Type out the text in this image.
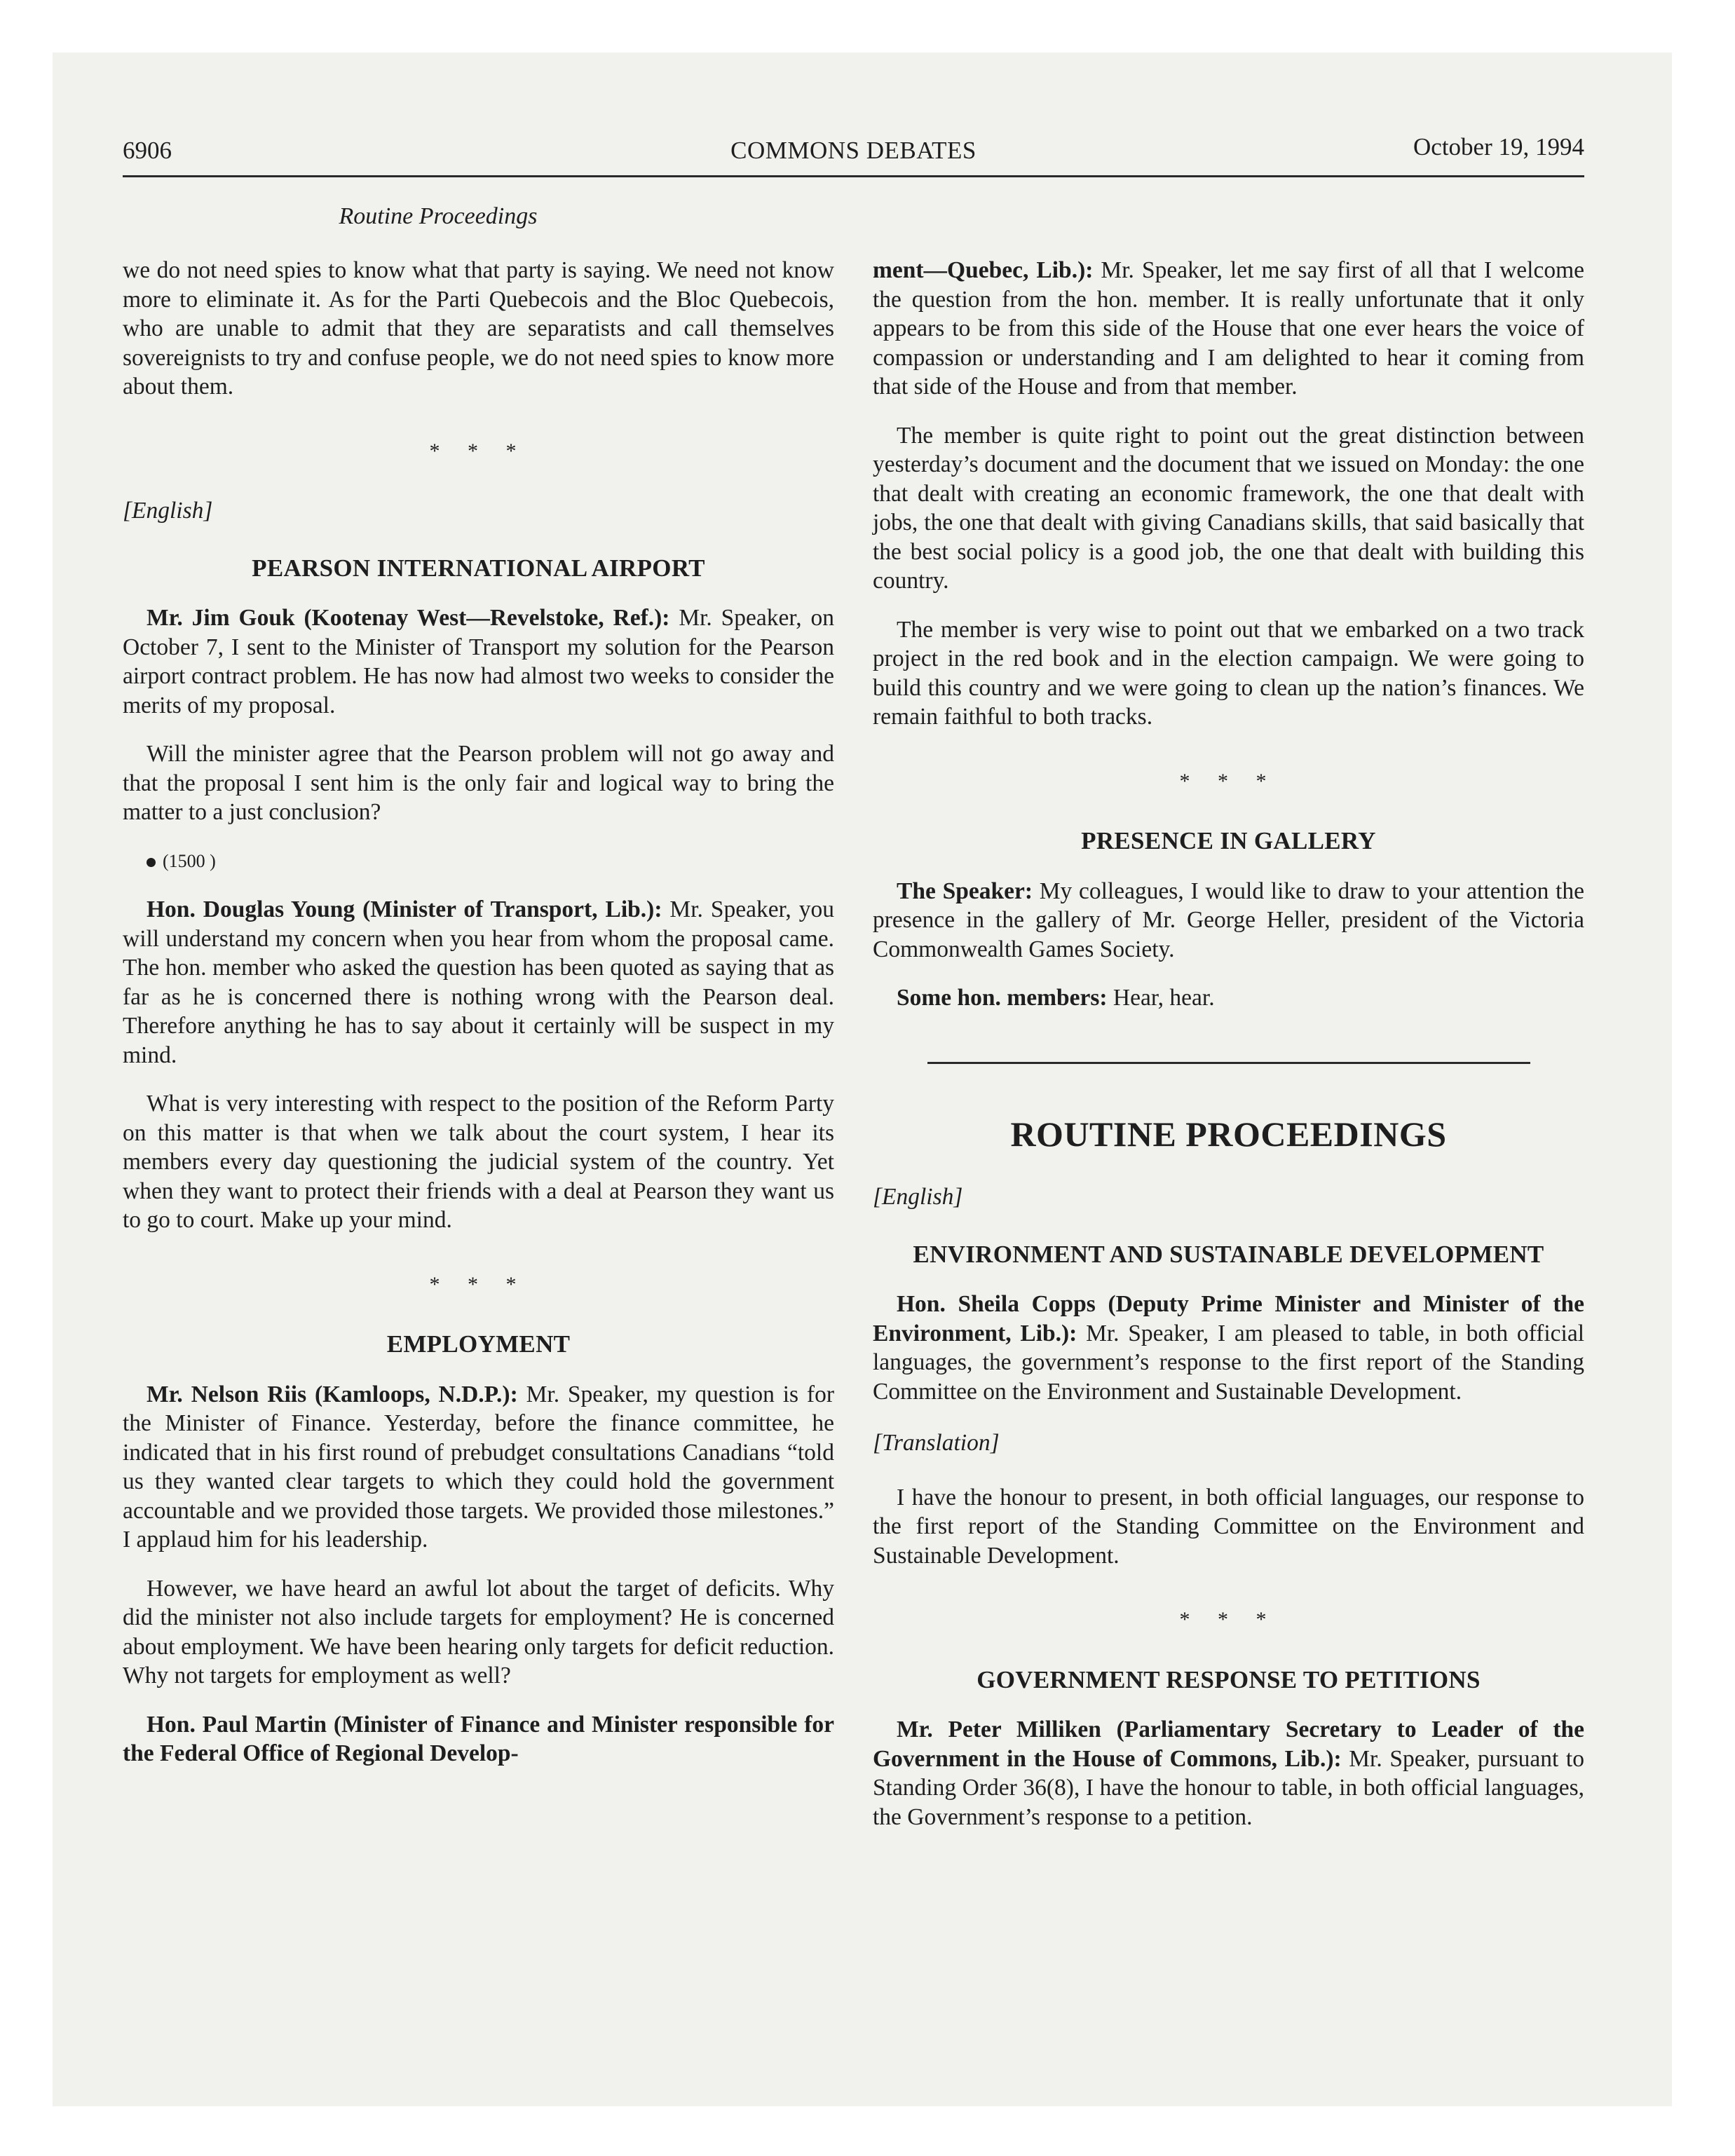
6906	COMMONS DEBATES	October 19, 1994
Routine Proceedings

we do not need spies to know what that party is saying. We need not know more to eliminate it. As for the Parti Quebecois and the Bloc Quebecois, who are unable to admit that they are separatists and call themselves sovereignists to try and confuse people, we do not need spies to know more about them.

* * *

[English]

PEARSON INTERNATIONAL AIRPORT

Mr. Jim Gouk (Kootenay West—Revelstoke, Ref.): Mr. Speaker, on October 7, I sent to the Minister of Transport my solution for the Pearson airport contract problem. He has now had almost two weeks to consider the merits of my proposal.

Will the minister agree that the Pearson problem will not go away and that the proposal I sent him is the only fair and logical way to bring the matter to a just conclusion?

(1500 )

Hon. Douglas Young (Minister of Transport, Lib.): Mr. Speaker, you will understand my concern when you hear from whom the proposal came. The hon. member who asked the question has been quoted as saying that as far as he is concerned there is nothing wrong with the Pearson deal. Therefore anything he has to say about it certainly will be suspect in my mind.

What is very interesting with respect to the position of the Reform Party on this matter is that when we talk about the court system, I hear its members every day questioning the judicial system of the country. Yet when they want to protect their friends with a deal at Pearson they want us to go to court. Make up your mind.

* * *
EMPLOYMENT

Mr. Nelson Riis (Kamloops, N.D.P.): Mr. Speaker, my question is for the Minister of Finance. Yesterday, before the finance committee, he indicated that in his first round of prebudget consultations Canadians “told us they wanted clear targets to which they could hold the government accountable and we provided those targets. We provided those milestones.” I applaud him for his leadership.

However, we have heard an awful lot about the target of deficits. Why did the minister not also include targets for employment? He is concerned about employment. We have been hearing only targets for deficit reduction. Why not targets for employment as well?

Hon. Paul Martin (Minister of Finance and Minister responsible for the Federal Office of Regional Develop-

ment—Quebec, Lib.): Mr. Speaker, let me say first of all that I welcome the question from the hon. member. It is really unfortunate that it only appears to be from this side of the House that one ever hears the voice of compassion or understanding and I am delighted to hear it coming from that side of the House and from that member.

The member is quite right to point out the great distinction between yesterday’s document and the document that we issued on Monday: the one that dealt with creating an economic framework, the one that dealt with jobs, the one that dealt with giving Canadians skills, that said basically that the best social policy is a good job, the one that dealt with building this country.

The member is very wise to point out that we embarked on a two track project in the red book and in the election campaign. We were going to build this country and we were going to clean up the nation’s finances. We remain faithful to both tracks.

* * *
PRESENCE IN GALLERY

The Speaker: My colleagues, I would like to draw to your attention the presence in the gallery of Mr. George Heller, president of the Victoria Commonwealth Games Society.

Some hon. members: Hear, hear.

ROUTINE PROCEEDINGS

[English]

ENVIRONMENT AND SUSTAINABLE DEVELOPMENT

Hon. Sheila Copps (Deputy Prime Minister and Minister of the Environment, Lib.): Mr. Speaker, I am pleased to table, in both official languages, the government’s response to the first report of the Standing Committee on the Environment and Sustainable Development.

[Translation]

I have the honour to present, in both official languages, our response to the first report of the Standing Committee on the Environment and Sustainable Development.

* * *
GOVERNMENT RESPONSE TO PETITIONS

Mr. Peter Milliken (Parliamentary Secretary to Leader of the Government in the House of Commons, Lib.): Mr. Speaker, pursuant to Standing Order 36(8), I have the honour to table, in both official languages, the Government’s response to a petition.
